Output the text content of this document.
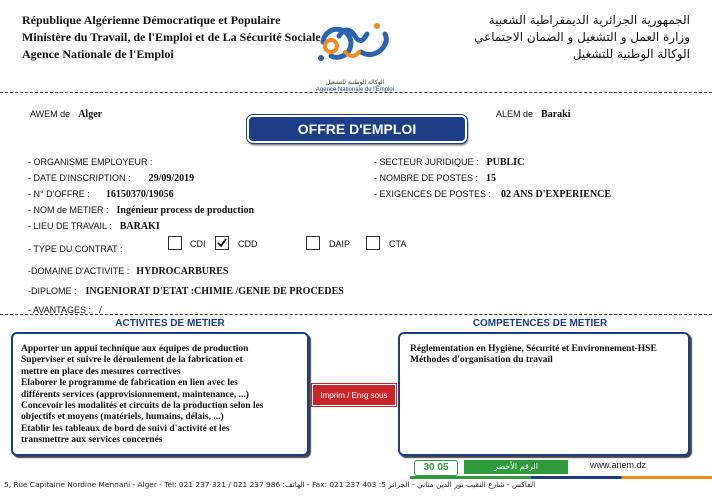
République Algérienne Démocratique et Populaire
Ministère du Travail, de l'Emploi et de La Sécurité Sociale
Agence Nationale de l'Emploi
الوكالة الوطنية للتشغيل
Agence Nationale de l'Emploi
الجمهورية الجزائرية الديمقراطية الشعبية
وزارة العمل و التشغيل و الضمان الاجتماعي
الوكالة الوطنية للتشغيل
AWEM de Alger	ALEM de Baraki
OFFRE D'EMPLOI
- ORGANISME EMPLOYEUR :
- DATE D'INSCRIPTION : 29/09/2019
- N° D'OFFRE : 16150370/19056
- NOM de METIER : Ingénieur process de production
- LIEU DE TRAVAIL : BARAKI
- SECTEUR JURIDIQUE : PUBLIC
- NOMBRE DE POSTES : 15
- EXIGENCES DE POSTES : 02 ANS D'EXPERIENCE
- TYPE DU CONTRAT :	CDI	CDD	DAIP	CTA
-DOMAINE D'ACTIVITE : HYDROCARBURES
-DIPLOME : INGENIORAT D'ETAT :CHIMIE /GENIE DE PROCEDES
- AVANTAGES : /
ACTIVITES DE METIER	COMPETENCES DE METIER
Apporter un appui technique aux équipes de production
Superviser et suivre le déroulement de la fabrication et
mettre en place des mesures correctives
Elaborer le programme de fabrication en lien avec les
différents services (approvisionnement, maintenance, ...)
Concevoir les modalités et circuits de la production selon les
objectifs et moyens (matériels, humains, délais, ...)
Etablir les tableaux de bord de suivi d'activité et les
transmettre aux services concernés
Imprim / Enrg sous
Réglementation en Hygiène, Sécurité et Environnement-HSE
Méthodes d'organisation du travail
30 05	الرقم الأخضر	www.anem.dz
5, Rue Capitaine Nordine Mennani - Alger - Tel: 021 237 321 / 021 237 986 :الهاتف - Fax: 021 237 403 :الفاكس - شارع النقيب نور الدين مناني - الجزائر 5
